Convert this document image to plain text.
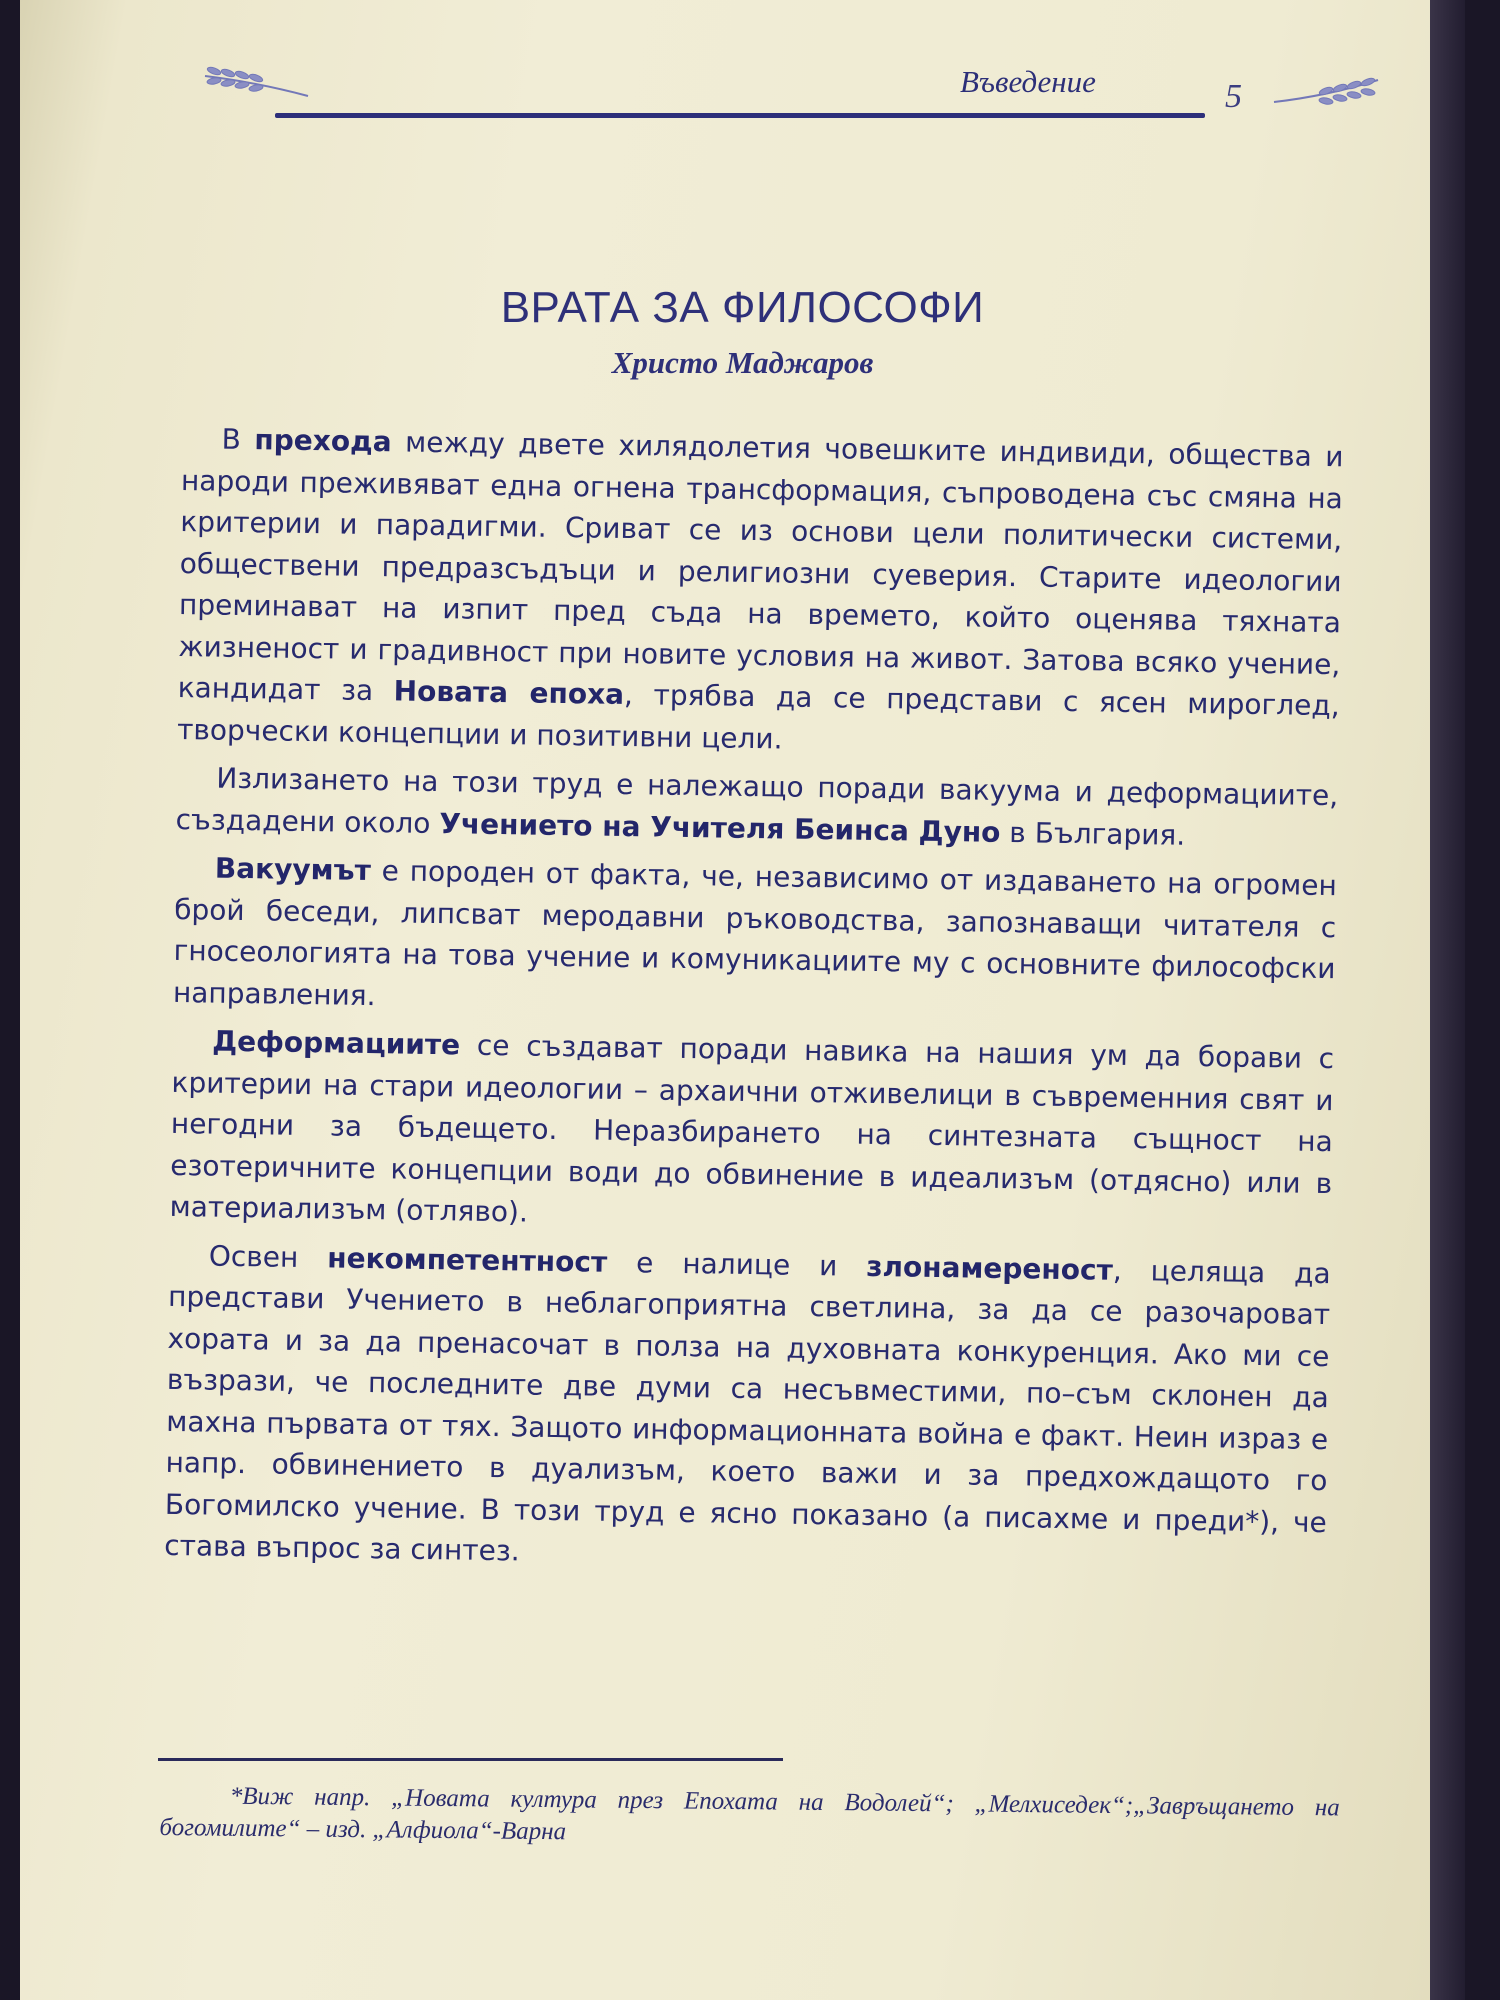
Въведение	5
ВРАТА ЗА ФИЛОСОФИ
Христо Маджаров

В прехода между двете хилядолетия човешките индивиди, общества и народи преживяват една огнена трансформация, съпроводена със смяна на критерии и парадигми. Сриват се из основи цели политически системи, обществени предразсъдъци и религиозни суеверия. Старите идеологии преминават на изпит пред съда на времето, който оценява тяхната жизненост и градивност при новите условия на живот. Затова всяко учение, кандидат за Новата епоха, трябва да се представи с ясен мироглед, творчески концепции и позитивни цели.

Излизането на този труд е належащо поради вакуума и деформациите, създадени около Учението на Учителя Беинса Дуно в България.

Вакуумът е породен от факта, че, независимо от издаването на огромен брой беседи, липсват меродавни ръководства, запознаващи читателя с гносеологията на това учение и комуникациите му с основните философски направления.

Деформациите се създават поради навика на нашия ум да борави с критерии на стари идеологии – архаични отживелици в съвременния свят и негодни за бъдещето. Неразбирането на синтезната същност на езотеричните концепции води до обвинение в идеализъм (отдясно) или в материализъм (отляво).

Освен некомпетентност е налице и злонамереност, целяща да представи Учението в неблагоприятна светлина, за да се разочароват хората и за да пренасочат в полза на духовната конкуренция. Ако ми се възрази, че последните две думи са несъвместими, по–съм склонен да махна първата от тях. Защото информационната война е факт. Неин израз е напр. обвинението в дуализъм, което важи и за предхождащото го Богомилско учение. В този труд е ясно показано (а писахме и преди*), че става въпрос за синтез.

*Виж напр. „Новата култура през Епохата на Водолей“; „Мелхиседек“;„Завръщането на богомилите“ – изд. „Алфиола“-Варна
